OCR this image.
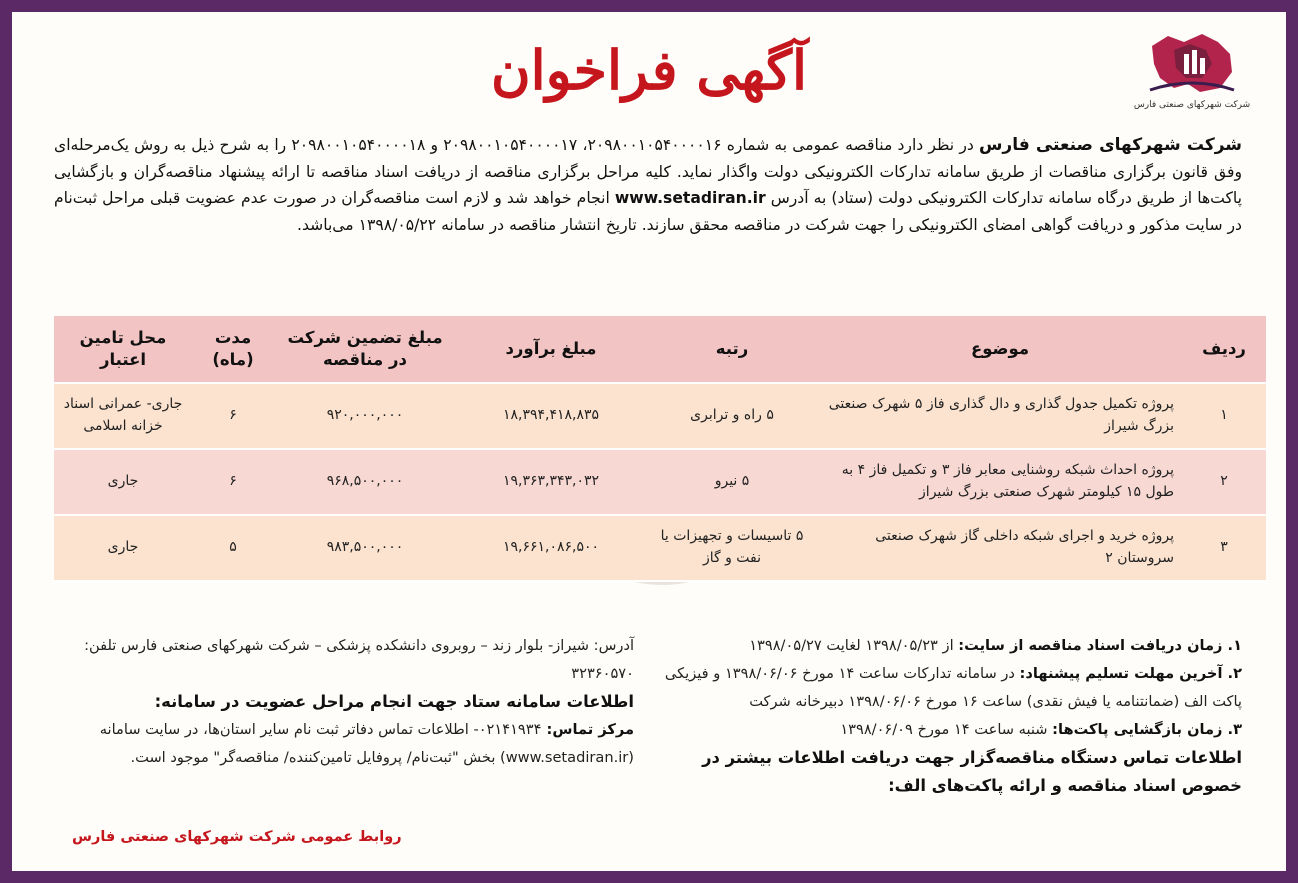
شرکت شهرکهای صنعتی فارس
آگهی فراخوان
شرکت شهرکهای صنعتی فارس در نظر دارد مناقصه عمومی به شماره ۲۰۹۸۰۰۱۰۵۴۰۰۰۰۱۶، ۲۰۹۸۰۰۱۰۵۴۰۰۰۰۱۷ و ۲۰۹۸۰۰۱۰۵۴۰۰۰۰۱۸ را به شرح ذیل به روش یک‌مرحله‌ای وفق قانون برگزاری مناقصات از طریق سامانه تدارکات الکترونیکی دولت واگذار نماید. کلیه مراحل برگزاری مناقصه از دریافت اسناد مناقصه تا ارائه پیشنهاد مناقصه‌گران و بازگشایی پاکت‌ها از طریق درگاه سامانه تدارکات الکترونیکی دولت (ستاد) به آدرس www.setadiran.ir انجام خواهد شد و لازم است مناقصه‌گران در صورت عدم عضویت قبلی مراحل ثبت‌نام در سایت مذکور و دریافت گواهی امضای الکترونیکی را جهت شرکت در مناقصه محقق سازند. تاریخ انتشار مناقصه در سامانه ۱۳۹۸/۰۵/۲۲ می‌باشد.
ردیف	موضوع	رتبه	مبلغ برآورد	مبلغ تضمین شرکت در مناقصه	مدت (ماه)	محل تامین اعتبار
۱	پروژه تکمیل جدول گذاری و دال گذاری فاز ۵ شهرک صنعتی بزرگ شیراز	۵ راه و ترابری	۱۸,۳۹۴,۴۱۸,۸۳۵	۹۲۰,۰۰۰,۰۰۰	۶	جاری- عمرانی اسناد خزانه اسلامی
۲	پروژه احداث شبکه روشنایی معابر فاز ۳ و تکمیل فاز ۴ به طول ۱۵ کیلومتر شهرک صنعتی بزرگ شیراز	۵ نیرو	۱۹,۳۶۳,۳۴۳,۰۳۲	۹۶۸,۵۰۰,۰۰۰	۶	جاری
۳	پروژه خرید و اجرای شبکه داخلی گاز شهرک صنعتی سروستان ۲	۵ تاسیسات و تجهیزات یا نفت و گاز	۱۹,۶۶۱,۰۸۶,۵۰۰	۹۸۳,۵۰۰,۰۰۰	۵	جاری

۱. زمان دریافت اسناد مناقصه از سایت: از ۱۳۹۸/۰۵/۲۳ لغایت ۱۳۹۸/۰۵/۲۷

۲. آخرین مهلت تسلیم پیشنهاد: در سامانه تدارکات ساعت ۱۴ مورخ ۱۳۹۸/۰۶/۰۶ و فیزیکی پاکت الف (ضمانتنامه یا فیش نقدی) ساعت ۱۶ مورخ ۱۳۹۸/۰۶/۰۶ دبیرخانه شرکت

۳. زمان بازگشایی پاکت‌ها: شنبه ساعت ۱۴ مورخ ۱۳۹۸/۰۶/۰۹

اطلاعات تماس دستگاه مناقصه‌گزار جهت دریافت اطلاعات بیشتر در خصوص اسناد مناقصه و ارائه پاکت‌های الف:

آدرس: شیراز- بلوار زند – روبروی دانشکده پزشکی – شرکت شهرکهای صنعتی فارس تلفن: ۳۲۳۶۰۵۷۰

اطلاعات سامانه ستاد جهت انجام مراحل عضویت در سامانه:

مرکز تماس: ۰۲۱۴۱۹۳۴- اطلاعات تماس دفاتر ثبت نام سایر استان‌ها، در سایت سامانه (www.setadiran.ir) بخش "ثبت‌نام/ پروفایل تامین‌کننده/ مناقصه‌گر" موجود است.

روابط عمومی شرکت شهرکهای صنعتی فارس
